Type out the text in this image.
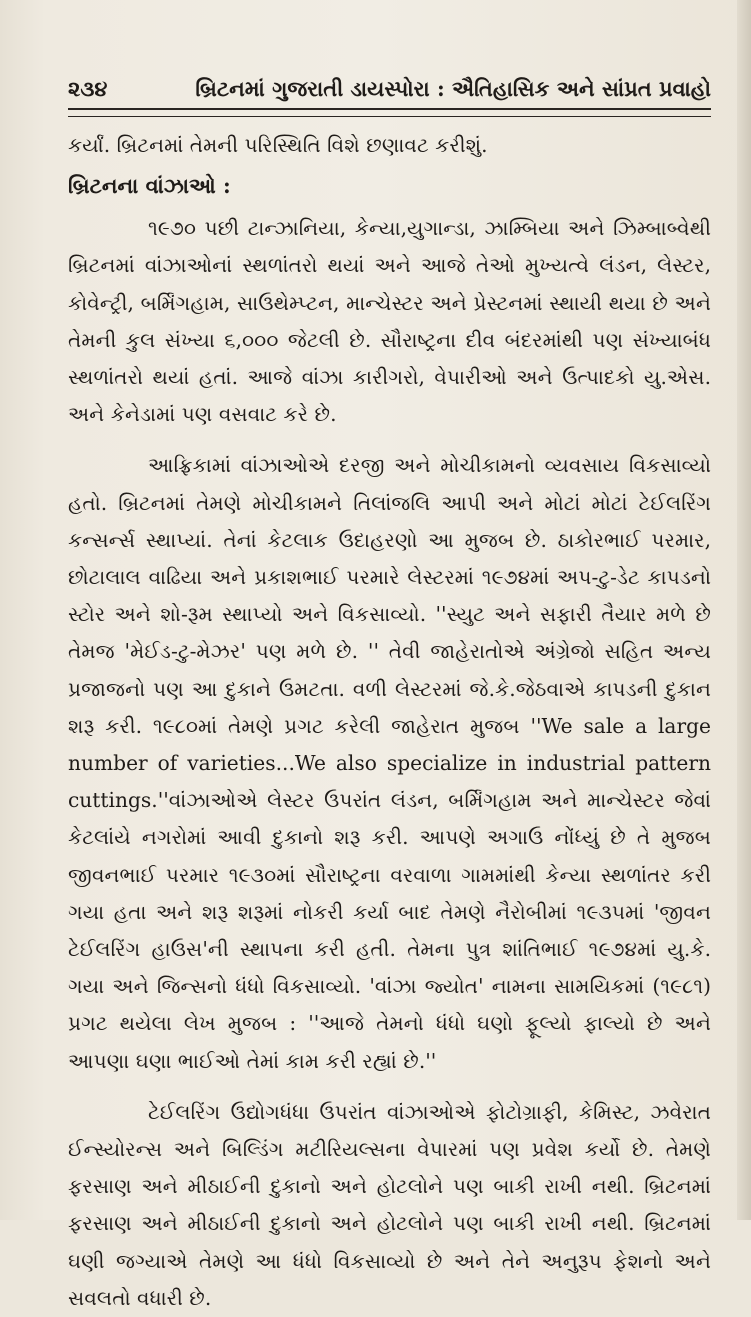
૨૩૪	બ્રિટનમાં ગુજરાતી ડાયસ્પોરા : ઐતિહાસિક અને સાંપ્રત પ્રવાહો

કર્યાં. બ્રિટનમાં તેમની પરિસ્થિતિ વિશે છણાવટ કરીશું.

બ્રિટનના વાંઝાઓ :

૧૯૭૦ પછી ટાન્ઝાનિયા, કેન્યા,યુગાન્ડા, ઝામ્બિયા અને ઝિમ્બાબ્વેથી બ્રિટનમાં વાંઝાઓનાં સ્થળાંતરો થયાં અને આજે તેઓ મુખ્યત્વે લંડન, લેસ્ટર, કોવેન્ટ્રી, બર્મિંગહામ, સાઉથેમ્પ્ટન, માન્ચેસ્ટર અને પ્રેસ્ટનમાં સ્થાયી થયા છે અને તેમની કુલ સંખ્યા ૬,૦૦૦ જેટલી છે. સૌરાષ્ટ્રના દીવ બંદરમાંથી પણ સંખ્યાબંધ સ્થળાંતરો થયાં હતાં. આજે વાંઝા કારીગરો, વેપારીઓ અને ઉત્પાદકો યુ.એસ. અને કેનેડામાં પણ વસવાટ કરે છે.

આફ્રિકામાં વાંઝાઓએ દરજી અને મોચીકામનો વ્યવસાય વિકસાવ્યો હતો. બ્રિટનમાં તેમણે મોચીકામને તિલાંજલિ આપી અને મોટાં મોટાં ટેઈલરિંગ કન્સર્ન્સ સ્થાપ્યાં. તેનાં કેટલાક ઉદાહરણો આ મુજબ છે. ઠાકોરભાઈ પરમાર, છોટાલાલ વાઢિયા અને પ્રકાશભાઈ પરમારે લેસ્ટરમાં ૧૯૭૪માં અપ-ટુ-ડેટ કાપડનો સ્ટોર અને શો-રૂમ સ્થાપ્યો અને વિકસાવ્યો. ''સ્યુટ અને સફારી તૈયાર મળે છે તેમજ 'મેઈડ-ટુ-મેઝર' પણ મળે છે. '' તેવી જાહેરાતોએ અંગ્રેજો સહિત અન્ય પ્રજાજનો પણ આ દુકાને ઉમટતા. વળી લેસ્ટરમાં જે.કે.જેઠવાએ કાપડની દુકાન શરૂ કરી. ૧૯૮૦માં તેમણે પ્રગટ કરેલી જાહેરાત મુજબ ''We sale a large number of varieties...We also specialize in industrial pattern cuttings.''વાંઝાઓએ લેસ્ટર ઉપરાંત લંડન, બર્મિંગહામ અને માન્ચેસ્ટર જેવાં કેટલાંયે નગરોમાં આવી દુકાનો શરૂ કરી. આપણે અગાઉ નોંધ્યું છે તે મુજબ જીવનભાઈ પરમાર ૧૯૩૦માં સૌરાષ્ટ્રના વરવાળા ગામમાંથી કેન્યા સ્થળાંતર કરી ગયા હતા અને શરૂ શરૂમાં નોકરી કર્યા બાદ તેમણે નૈરોબીમાં ૧૯૩૫માં 'જીવન ટેઈલરિંગ હાઉસ'ની સ્થાપના કરી હતી. તેમના પુત્ર શાંતિભાઈ ૧૯૭૪માં યુ.કે. ગયા અને જિન્સનો ધંધો વિકસાવ્યો. 'વાંઝા જ્યોત' નામના સામયિકમાં (૧૯૮૧) પ્રગટ થયેલા લેખ મુજબ : ''આજે તેમનો ધંધો ઘણો ફૂલ્યો ફાલ્યો છે અને આપણા ઘણા ભાઈઓ તેમાં કામ કરી રહ્યાં છે.''

ટેઈલરિંગ ઉદ્યોગધંધા ઉપરાંત વાંઝાઓએ ફોટોગ્રાફી, કેમિસ્ટ, ઝવેરાત ઈન્સ્યોરન્સ અને બિલ્ડિંગ મટીરિયલ્સના વેપારમાં પણ પ્રવેશ કર્યો છે. તેમણે ફરસાણ અને મીઠાઈની દુકાનો અને હોટલોને પણ બાકી રાખી નથી. બ્રિટનમાં ફરસાણ અને મીઠાઈની દુકાનો અને હોટલોને પણ બાકી રાખી નથી. બ્રિટનમાં ઘણી જગ્યાએ તેમણે આ ધંધો વિકસાવ્યો છે અને તેને અનુરૂપ ફેશનો અને સવલતો વધારી છે.
